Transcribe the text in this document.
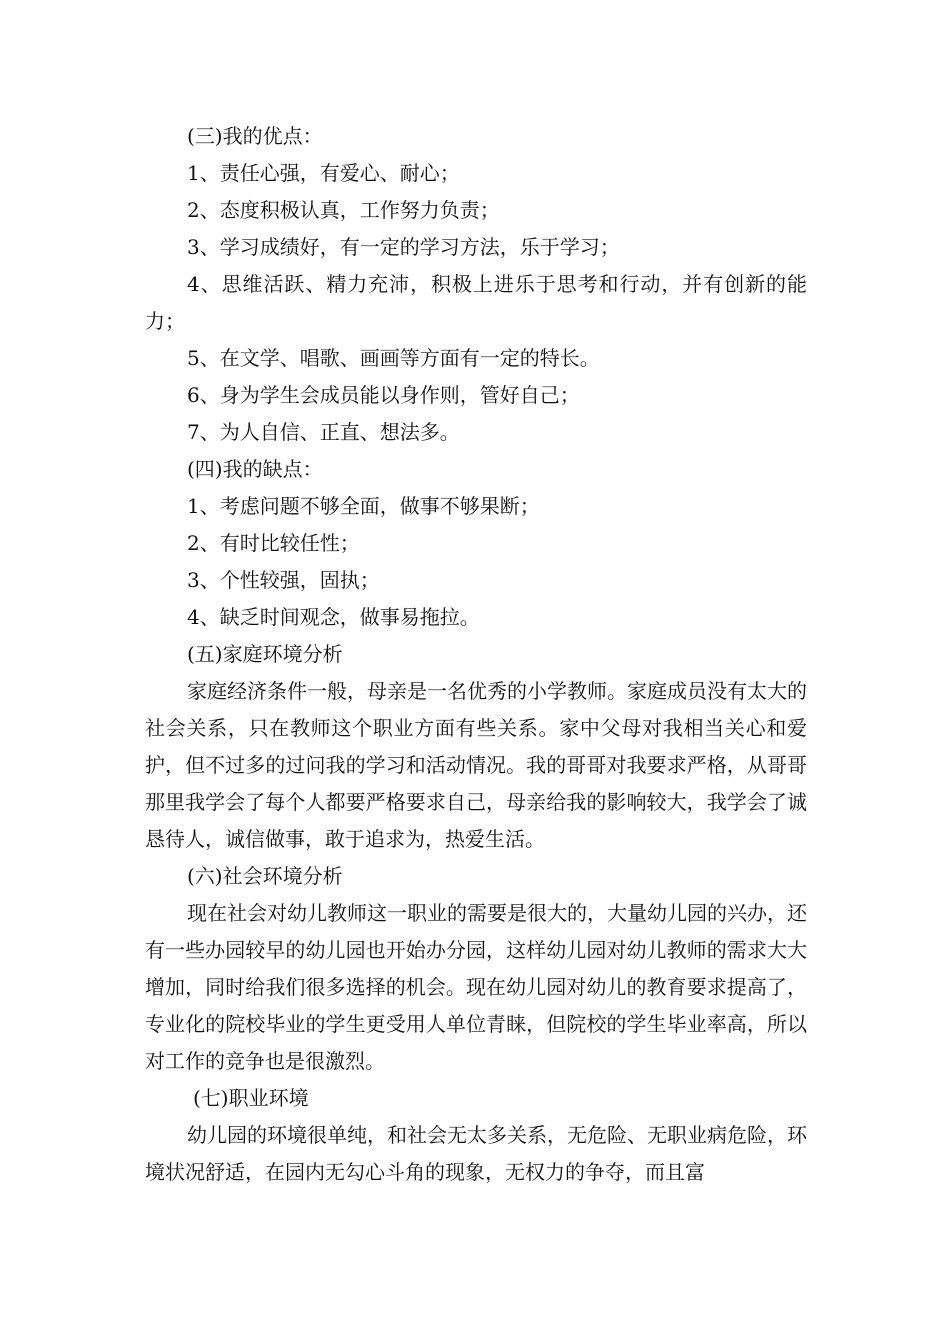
(三)我的优点：

1、责任心强，有爱心、耐心；

2、态度积极认真，工作努力负责；

3、学习成绩好，有一定的学习方法，乐于学习；

4、思维活跃、精力充沛，积极上进乐于思考和行动，并有创新的能力；

5、在文学、唱歌、画画等方面有一定的特长。

6、身为学生会成员能以身作则，管好自己；

7、为人自信、正直、想法多。

(四)我的缺点：

1、考虑问题不够全面，做事不够果断；

2、有时比较任性；

3、个性较强，固执；

4、缺乏时间观念，做事易拖拉。

(五)家庭环境分析

家庭经济条件一般，母亲是一名优秀的小学教师。家庭成员没有太大的社会关系，只在教师这个职业方面有些关系。家中父母对我相当关心和爱护，但不过多的过问我的学习和活动情况。我的哥哥对我要求严格，从哥哥那里我学会了每个人都要严格要求自己，母亲给我的影响较大，我学会了诚恳待人，诚信做事，敢于追求为，热爱生活。

(六)社会环境分析

现在社会对幼儿教师这一职业的需要是很大的，大量幼儿园的兴办，还有一些办园较早的幼儿园也开始办分园，这样幼儿园对幼儿教师的需求大大增加，同时给我们很多选择的机会。现在幼儿园对幼儿的教育要求提高了，专业化的院校毕业的学生更受用人单位青睐，但院校的学生毕业率高，所以对工作的竞争也是很激烈。

(七)职业环境

幼儿园的环境很单纯，和社会无太多关系，无危险、无职业病危险，环境状况舒适，在园内无勾心斗角的现象，无权力的争夺，而且富
